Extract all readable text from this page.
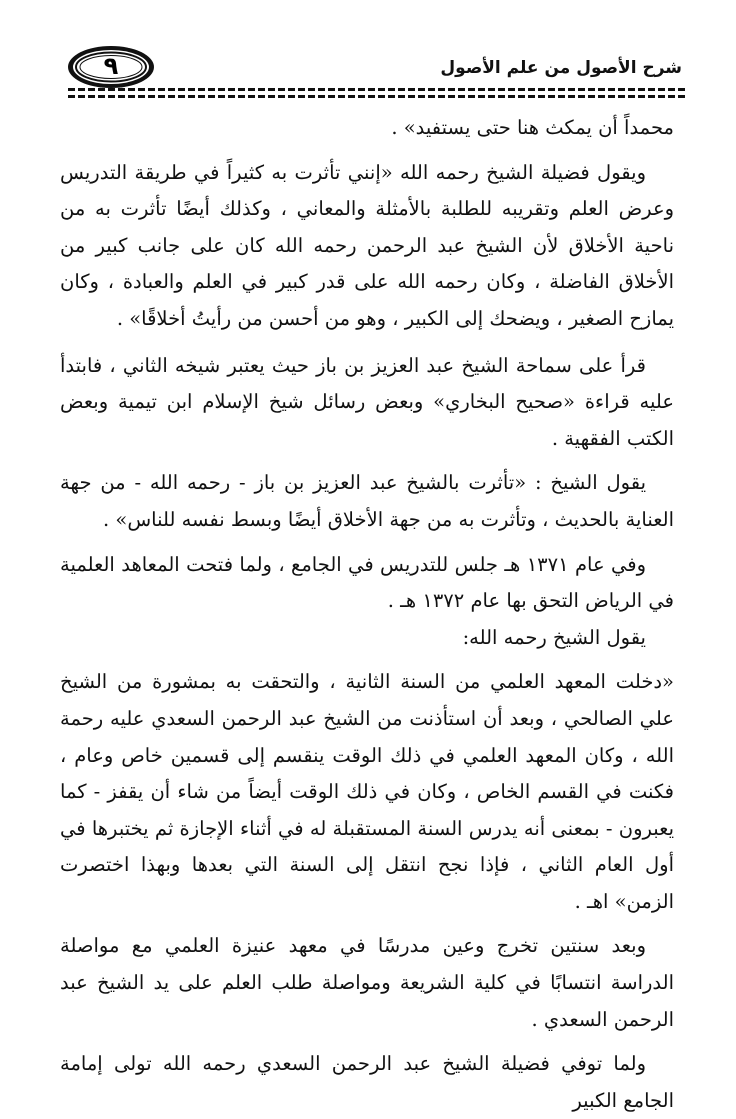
٩	شرح الأصول من علم الأصول

محمداً أن يمكث هنا حتى يستفيد» .

ويقول فضيلة الشيخ رحمه الله «إنني تأثرت به كثيراً في طريقة التدريس وعرض العلم وتقريبه للطلبة بالأمثلة والمعاني ، وكذلك أيضًا تأثرت به من ناحية الأخلاق لأن الشيخ عبد الرحمن رحمه الله كان على جانب كبير من الأخلاق الفاضلة ، وكان رحمه الله على قدر كبير في العلم والعبادة ، وكان يمازح الصغير ، ويضحك إلى الكبير ، وهو من أحسن من رأيتُ أخلاقًا» .

قرأ على سماحة الشيخ عبد العزيز بن باز حيث يعتبر شيخه الثاني ، فابتدأ عليه قراءة «صحيح البخاري» وبعض رسائل شيخ الإسلام ابن تيمية وبعض الكتب الفقهية .

يقول الشيخ : «تأثرت بالشيخ عبد العزيز بن باز - رحمه الله - من جهة العناية بالحديث ، وتأثرت به من جهة الأخلاق أيضًا وبسط نفسه للناس» .

وفي عام ١٣٧١ هـ جلس للتدريس في الجامع ، ولما فتحت المعاهد العلمية في الرياض التحق بها عام ١٣٧٢ هـ .

يقول الشيخ رحمه الله:

«دخلت المعهد العلمي من السنة الثانية ، والتحقت به بمشورة من الشيخ علي الصالحي ، وبعد أن استأذنت من الشيخ عبد الرحمن السعدي عليه رحمة الله ، وكان المعهد العلمي في ذلك الوقت ينقسم إلى قسمين خاص وعام ، فكنت في القسم الخاص ، وكان في ذلك الوقت أيضاً من شاء أن يقفز - كما يعبرون - بمعنى أنه يدرس السنة المستقبلة له في أثناء الإجازة ثم يختبرها في أول العام الثاني ، فإذا نجح انتقل إلى السنة التي بعدها وبهذا اختصرت الزمن» اهـ .

وبعد سنتين تخرج وعين مدرسًا في معهد عنيزة العلمي مع مواصلة الدراسة انتسابًا في كلية الشريعة ومواصلة طلب العلم على يد الشيخ عبد الرحمن السعدي .

ولما توفي فضيلة الشيخ عبد الرحمن السعدي رحمه الله تولى إمامة الجامع الكبير
